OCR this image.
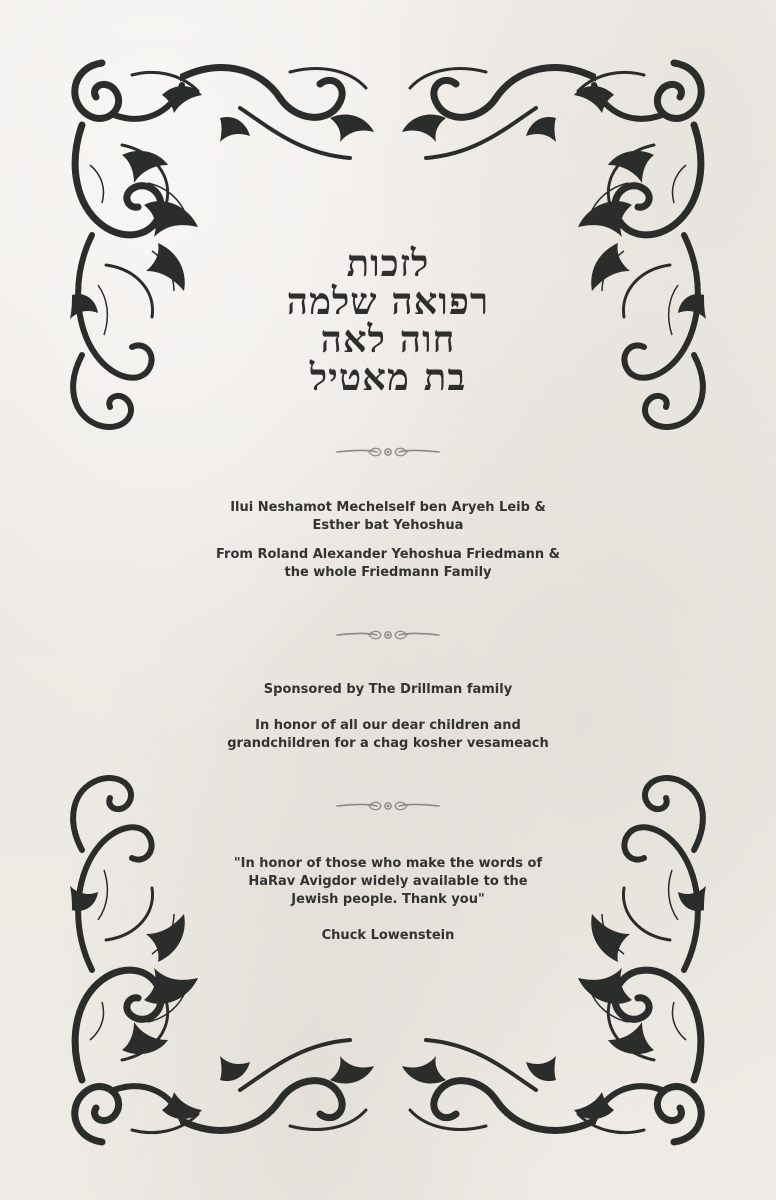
לזכות
רפואה שלמה
חוה לאה
בת מאטיל

Ilui Neshamot Mechelself ben Aryeh Leib &

Esther bat Yehoshua

From Roland Alexander Yehoshua Friedmann &

the whole Friedmann Family

Sponsored by The Drillman family

In honor of all our dear children and

grandchildren for a chag kosher vesameach

"In honor of those who make the words of

HaRav Avigdor widely available to the

Jewish people. Thank you"

Chuck Lowenstein
